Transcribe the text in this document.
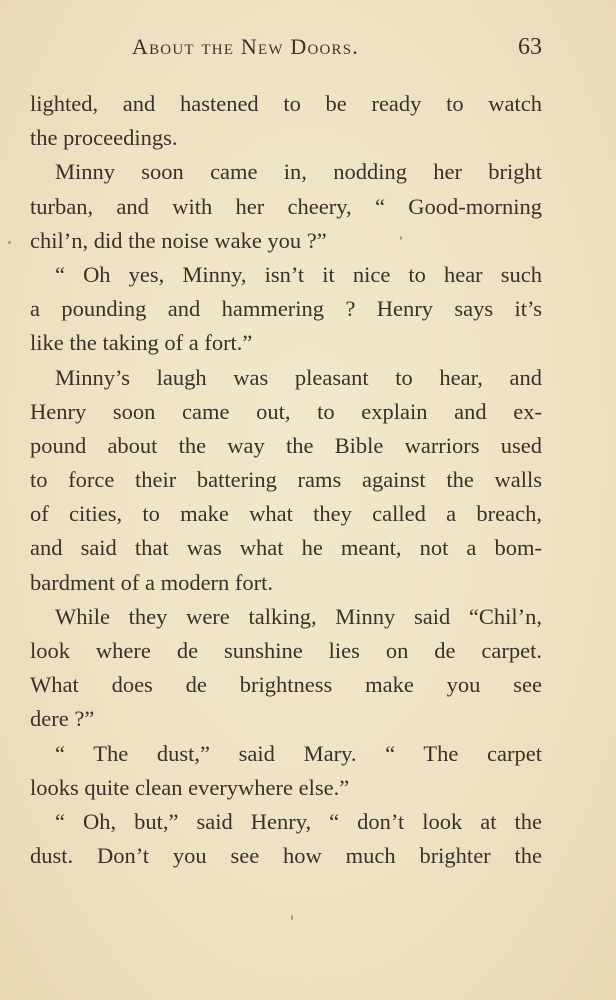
About the New Doors.	63
lighted, and hastened to be ready to watch
the proceedings.
Minny soon came in, nodding her bright
turban, and with her cheery, “ Good-morning
chil’n, did the noise wake you ?”
“ Oh yes, Minny, isn’t it nice to hear such
a pounding and hammering ? Henry says it’s
like the taking of a fort.”
Minny’s laugh was pleasant to hear, and
Henry soon came out, to explain and ex-
pound about the way the Bible warriors used
to force their battering rams against the walls
of cities, to make what they called a breach,
and said that was what he meant, not a bom-
bardment of a modern fort.
While they were talking, Minny said “Chil’n,
look where de sunshine lies on de carpet.
What does de brightness make you see
dere ?”
“ The dust,” said Mary. “ The carpet
looks quite clean everywhere else.”
“ Oh, but,” said Henry, “ don’t look at the
dust. Don’t you see how much brighter the
